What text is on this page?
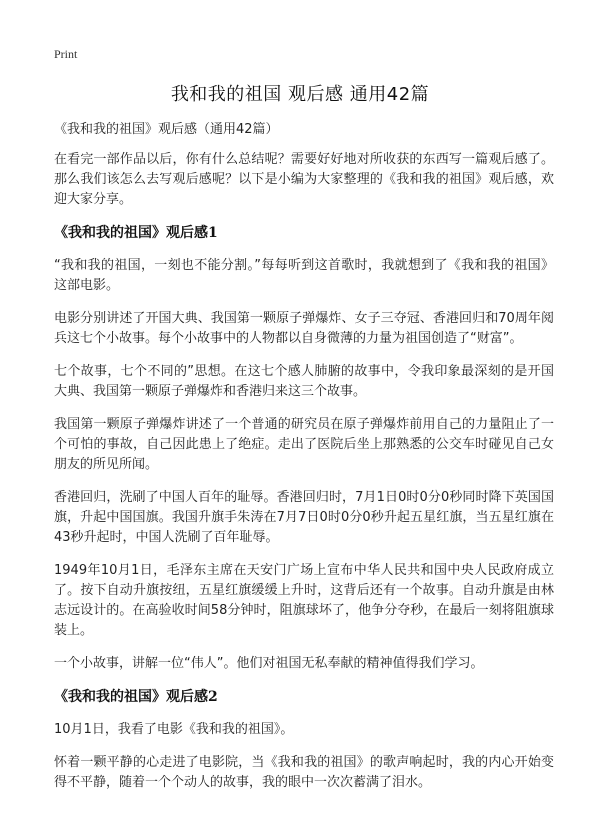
Print
我和我的祖国 观后感 通用42篇

《我和我的祖国》观后感（通用42篇）

在看完一部作品以后，你有什么总结呢？需要好好地对所收获的东西写一篇观后感了。那么我们该怎么去写观后感呢？以下是小编为大家整理的《我和我的祖国》观后感，欢迎大家分享。

《我和我的祖国》观后感1

“我和我的祖国，一刻也不能分割。”每每听到这首歌时，我就想到了《我和我的祖国》这部电影。

电影分别讲述了开国大典、我国第一颗原子弹爆炸、女子三夺冠、香港回归和70周年阅兵这七个小故事。每个小故事中的人物都以自身微薄的力量为祖国创造了“财富”。

七个故事，七个不同的”思想。在这七个感人肺腑的故事中，令我印象最深刻的是开国大典、我国第一颗原子弹爆炸和香港归来这三个故事。

我国第一颗原子弹爆炸讲述了一个普通的研究员在原子弹爆炸前用自己的力量阻止了一个可怕的事故，自己因此患上了绝症。走出了医院后坐上那熟悉的公交车时碰见自己女朋友的所见所闻。

香港回归，洗刷了中国人百年的耻辱。香港回归时，7月1日0时0分0秒同时降下英国国旗，升起中国国旗。我国升旗手朱涛在7月7日0时0分0秒升起五星红旗，当五星红旗在43秒升起时，中国人洗刷了百年耻辱。

1949年10月1日，毛泽东主席在天安门广场上宣布中华人民共和国中央人民政府成立了。按下自动升旗按纽，五星红旗缓缓上升时，这背后还有一个故事。自动升旗是由林志远设计的。在高验收时间58分钟时，阻旗球坏了，他争分夺秒，在最后一刻将阻旗球装上。

一个小故事，讲解一位“伟人”。他们对祖国无私奉献的精神值得我们学习。

《我和我的祖国》观后感2

10月1日，我看了电影《我和我的祖国》。

怀着一颗平静的心走进了电影院，当《我和我的祖国》的歌声响起时，我的内心开始变得不平静，随着一个个动人的故事，我的眼中一次次蓄满了泪水。
